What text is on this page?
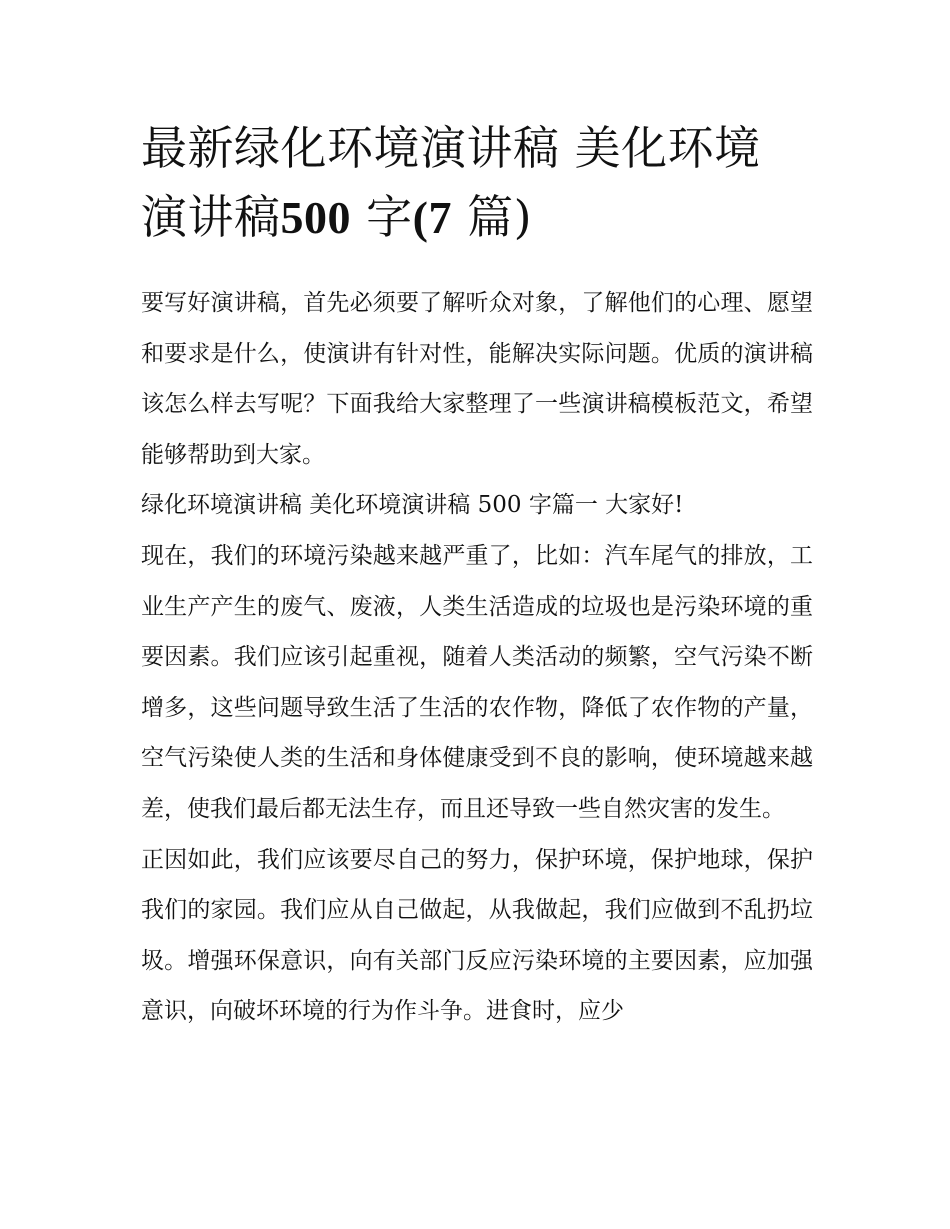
最新绿化环境演讲稿 美化环境
演讲稿500 字(7 篇)

要写好演讲稿，首先必须要了解听众对象，了解他们的心理、愿望和要求是什么，使演讲有针对性，能解决实际问题。优质的演讲稿该怎么样去写呢？下面我给大家整理了一些演讲稿模板范文，希望能够帮助到大家。

绿化环境演讲稿 美化环境演讲稿 500 字篇一 大家好!

现在，我们的环境污染越来越严重了，比如：汽车尾气的排放，工业生产产生的废气、废液，人类生活造成的垃圾也是污染环境的重要因素。我们应该引起重视，随着人类活动的频繁，空气污染不断增多，这些问题导致生活了生活的农作物，降低了农作物的产量，空气污染使人类的生活和身体健康受到不良的影响，使环境越来越差，使我们最后都无法生存，而且还导致一些自然灾害的发生。

正因如此，我们应该要尽自己的努力，保护环境，保护地球，保护我们的家园。我们应从自己做起，从我做起，我们应做到不乱扔垃圾。增强环保意识，向有关部门反应污染环境的主要因素，应加强意识，向破坏环境的行为作斗争。进食时，应少
